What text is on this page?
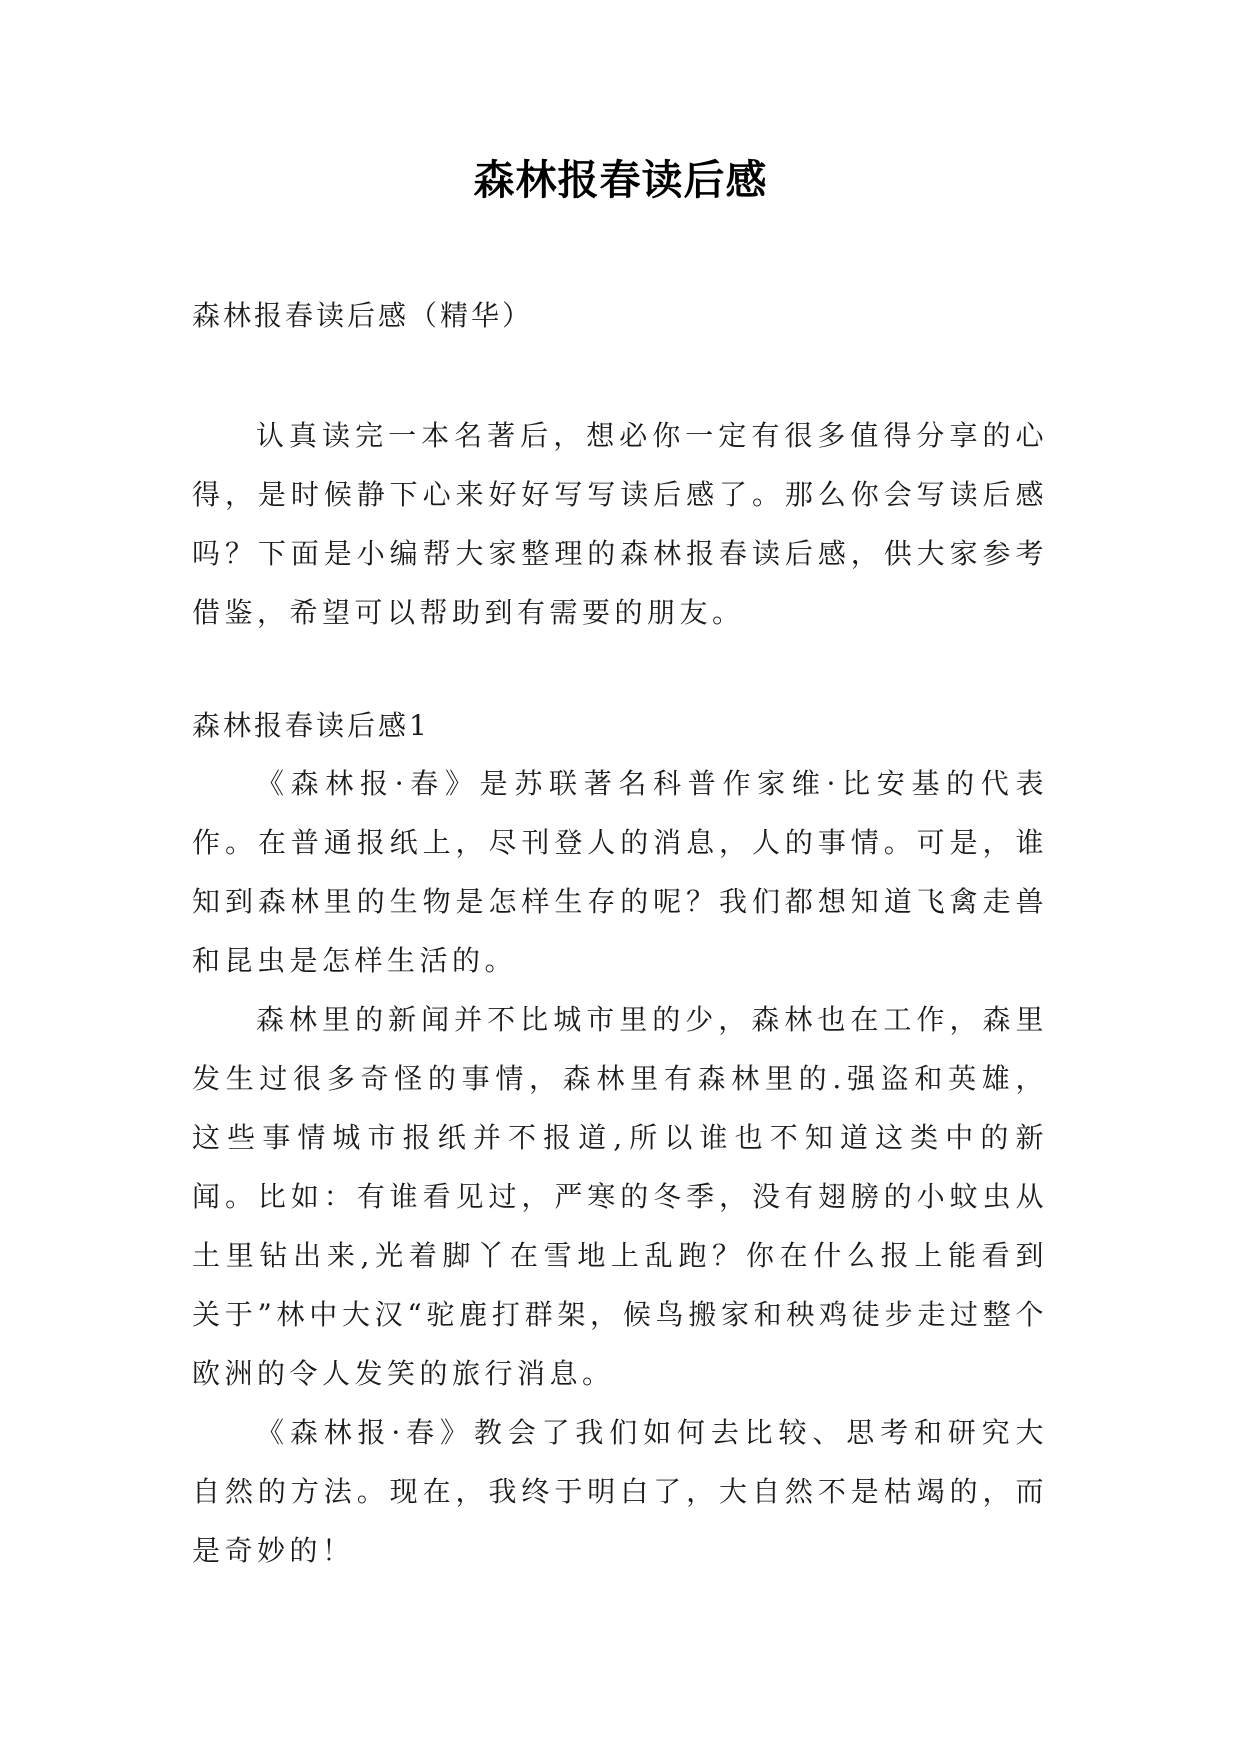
森林报春读后感

森林报春读后感（精华）

认真读完一本名著后，想必你一定有很多值得分享的心得，是时候静下心来好好写写读后感了。那么你会写读后感吗？下面是小编帮大家整理的森林报春读后感，供大家参考借鉴，希望可以帮助到有需要的朋友。

森林报春读后感1

《森林报·春》是苏联著名科普作家维·比安基的代表作。在普通报纸上，尽刊登人的消息，人的事情。可是，谁知到森林里的生物是怎样生存的呢？我们都想知道飞禽走兽和昆虫是怎样生活的。

森林里的新闻并不比城市里的少，森林也在工作，森里发生过很多奇怪的事情，森林里有森林里的.强盗和英雄，这些事情城市报纸并不报道,所以谁也不知道这类中的新闻。比如：有谁看见过，严寒的冬季，没有翅膀的小蚊虫从土里钻出来,光着脚丫在雪地上乱跑？你在什么报上能看到关于”林中大汉“驼鹿打群架，候鸟搬家和秧鸡徒步走过整个欧洲的令人发笑的旅行消息。

《森林报·春》教会了我们如何去比较、思考和研究大自然的方法。现在，我终于明白了，大自然不是枯竭的，而是奇妙的！
